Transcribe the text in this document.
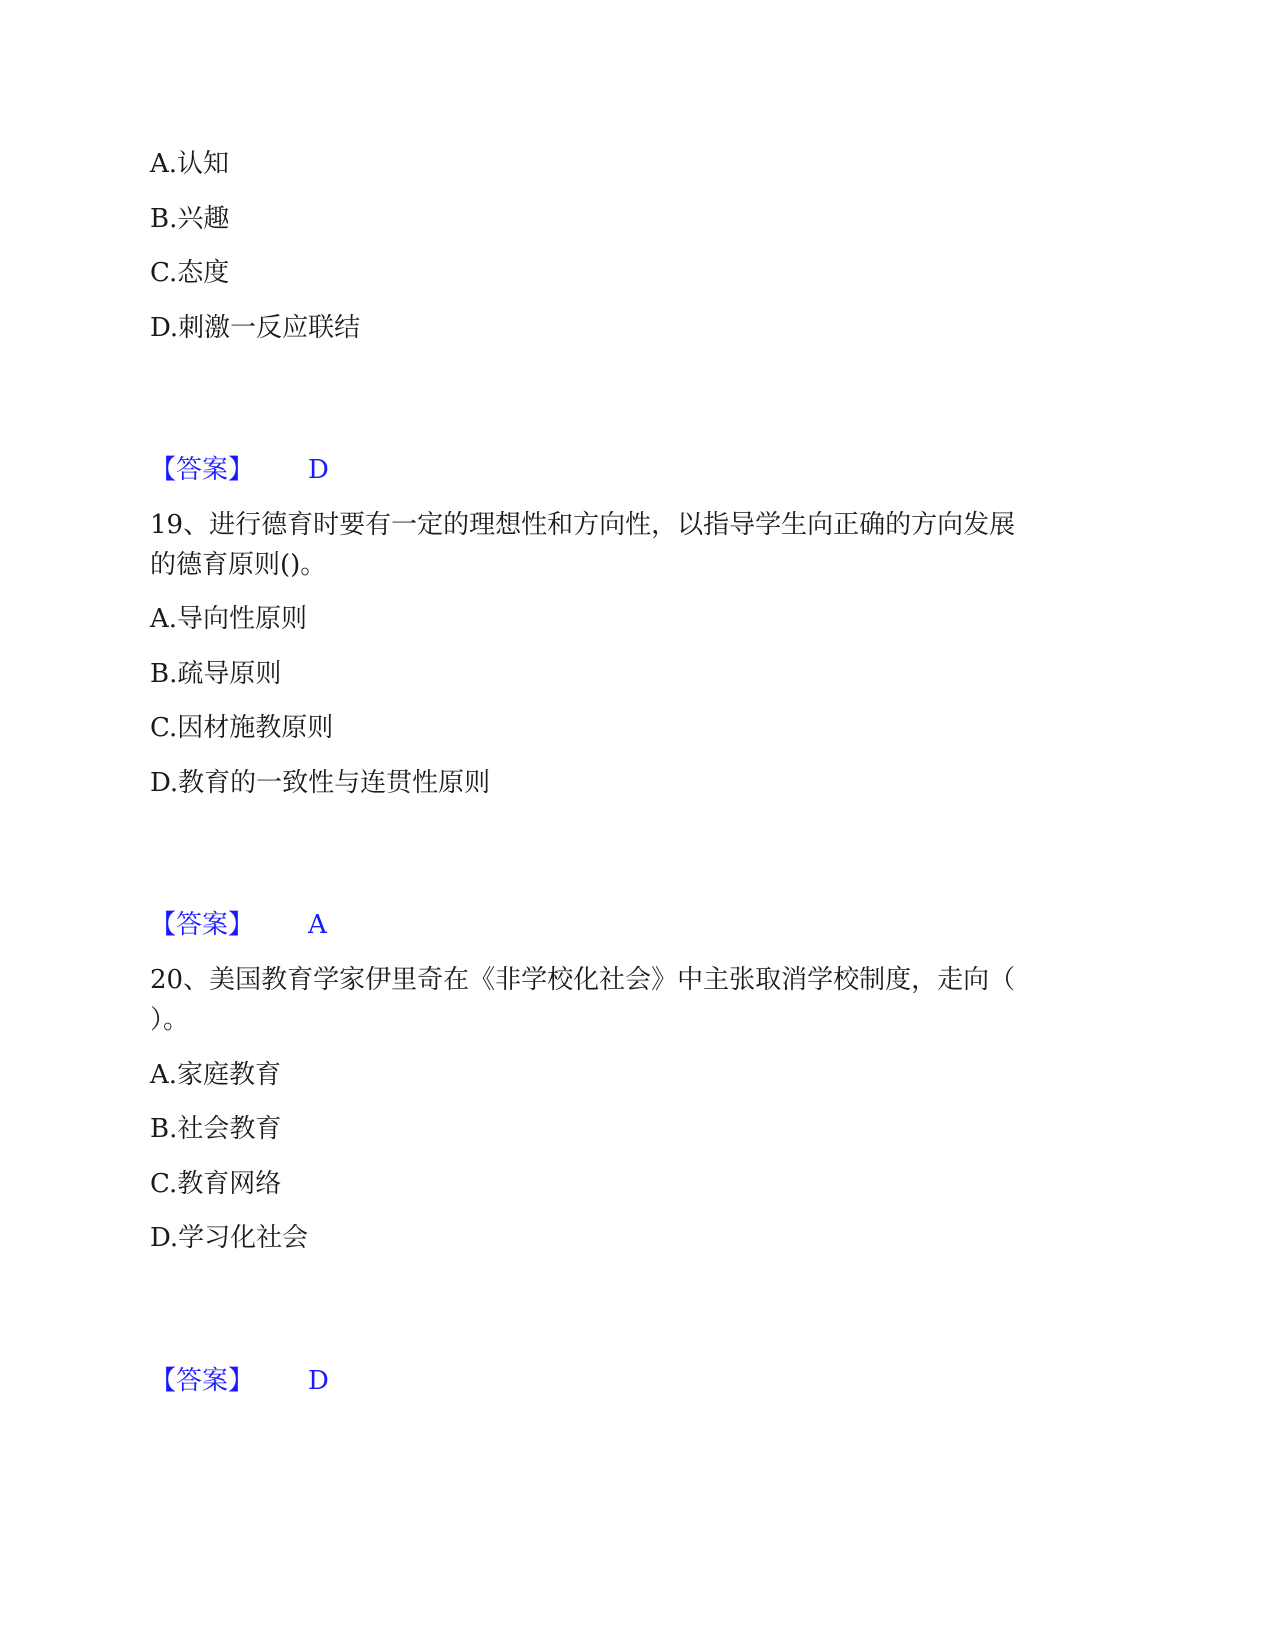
A.认知
B.兴趣
C.态度
D.刺激一反应联结
【答案】 D
19、进行德育时要有一定的理想性和方向性，以指导学生向正确的方向发展
的德育原则()。
A.导向性原则
B.疏导原则
C.因材施教原则
D.教育的一致性与连贯性原则
【答案】 A
20、美国教育学家伊里奇在《非学校化社会》中主张取消学校制度，走向（
）。
A.家庭教育
B.社会教育
C.教育网络
D.学习化社会
【答案】 D
